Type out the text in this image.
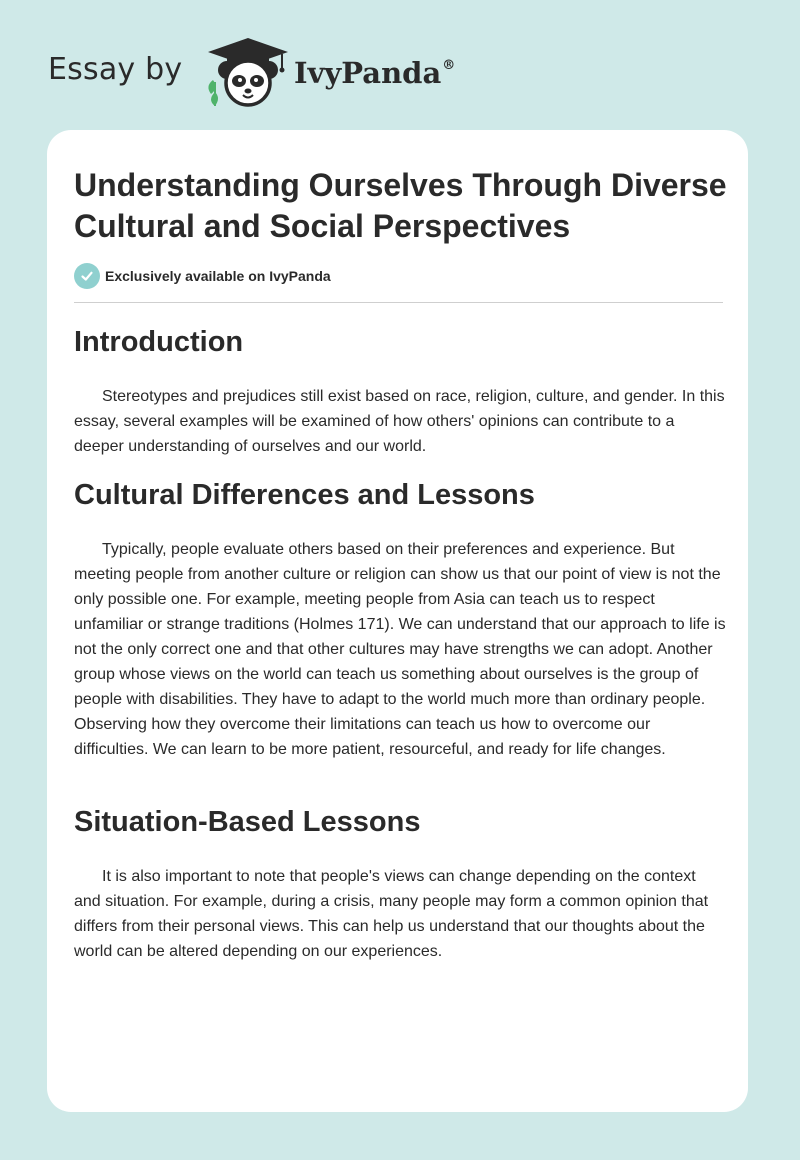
Essay by	IvyPanda®
Understanding Ourselves Through Diverse Cultural and Social Perspectives
Exclusively available on IvyPanda
Introduction

Stereotypes and prejudices still exist based on race, religion, culture, and gender. In this essay, several examples will be examined of how others' opinions can contribute to a deeper understanding of ourselves and our world.

Cultural Differences and Lessons

Typically, people evaluate others based on their preferences and experience. But meeting people from another culture or religion can show us that our point of view is not the only possible one. For example, meeting people from Asia can teach us to respect unfamiliar or strange traditions (Holmes 171). We can understand that our approach to life is not the only correct one and that other cultures may have strengths we can adopt. Another group whose views on the world can teach us something about ourselves is the group of people with disabilities. They have to adapt to the world much more than ordinary people. Observing how they overcome their limitations can teach us how to overcome our difficulties. We can learn to be more patient, resourceful, and ready for life changes.

Situation-Based Lessons

It is also important to note that people's views can change depending on the context and situation. For example, during a crisis, many people may form a common opinion that differs from their personal views. This can help us understand that our thoughts about the world can be altered depending on our experiences.
